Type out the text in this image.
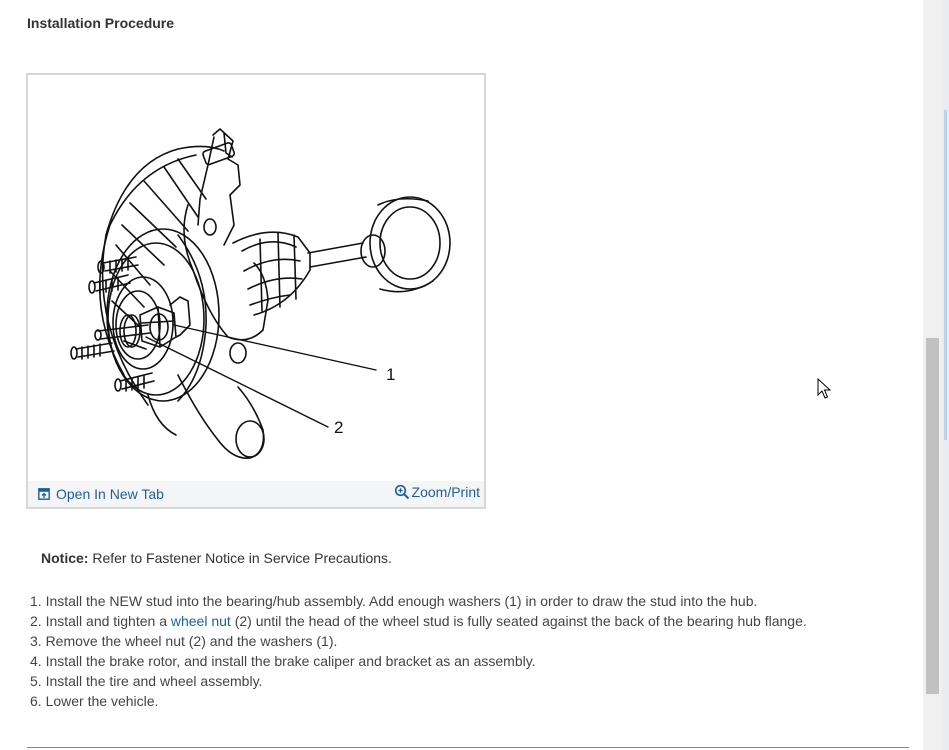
Installation Procedure
1
2
Open In New Tab	Zoom/Print
Notice: Refer to Fastener Notice in Service Precautions.
1. Install the NEW stud into the bearing/hub assembly. Add enough washers (1) in order to draw the stud into the hub.
2. Install and tighten a wheel nut (2) until the head of the wheel stud is fully seated against the back of the bearing hub flange.
3. Remove the wheel nut (2) and the washers (1).
4. Install the brake rotor, and install the brake caliper and bracket as an assembly.
5. Install the tire and wheel assembly.
6. Lower the vehicle.
